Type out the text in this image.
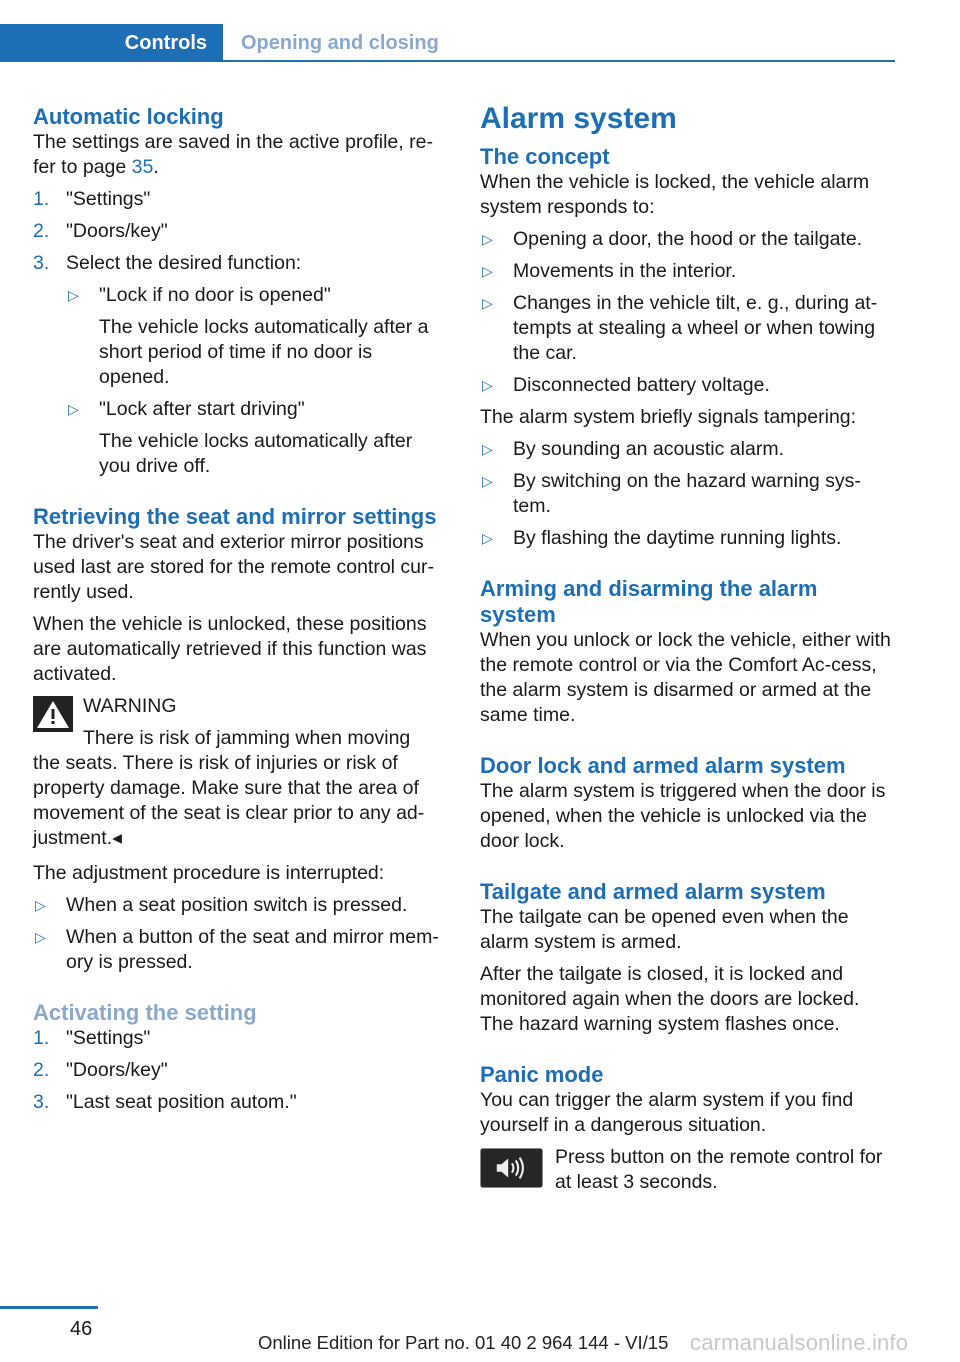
Controls	Opening and closing
Automatic locking

The settings are saved in the active profile, re‐fer to page 35.

1. "Settings"
2. "Doors/key"
3. Select the desired function:
▷ "Lock if no door is opened"
The vehicle locks automatically after a short period of time if no door is opened.
▷ "Lock after start driving"
The vehicle locks automatically after you drive off.
Retrieving the seat and mirror settings

The driver's seat and exterior mirror positions used last are stored for the remote control cur‐rently used.

When the vehicle is unlocked, these positions are automatically retrieved if this function was activated.

WARNING
There is risk of jamming when moving
the seats. There is risk of injuries or risk of property damage. Make sure that the area of movement of the seat is clear prior to any ad‐justment.◂

The adjustment procedure is interrupted:

▷ When a seat position switch is pressed.
▷ When a button of the seat and mirror mem‐ory is pressed.
Activating the setting
1. "Settings"
2. "Doors/key"
3. "Last seat position autom."
Alarm system
The concept

When the vehicle is locked, the vehicle alarm system responds to:

▷ Opening a door, the hood or the tailgate.
▷ Movements in the interior.
▷ Changes in the vehicle tilt, e. g., during at‐tempts at stealing a wheel or when towing the car.
▷ Disconnected battery voltage.

The alarm system briefly signals tampering:

▷ By sounding an acoustic alarm.
▷ By switching on the hazard warning sys‐tem.
▷ By flashing the daytime running lights.
Arming and disarming the alarm system

When you unlock or lock the vehicle, either with the remote control or via the Comfort Ac‐cess, the alarm system is disarmed or armed at the same time.

Door lock and armed alarm system

The alarm system is triggered when the door is opened, when the vehicle is unlocked via the door lock.

Tailgate and armed alarm system

The tailgate can be opened even when the alarm system is armed.

After the tailgate is closed, it is locked and monitored again when the doors are locked. The hazard warning system flashes once.

Panic mode

You can trigger the alarm system if you find yourself in a dangerous situation.

Press button on the remote control for at least 3 seconds.
46
Online Edition for Part no. 01 40 2 964 144 - VI/15 carmanualsonline.info
